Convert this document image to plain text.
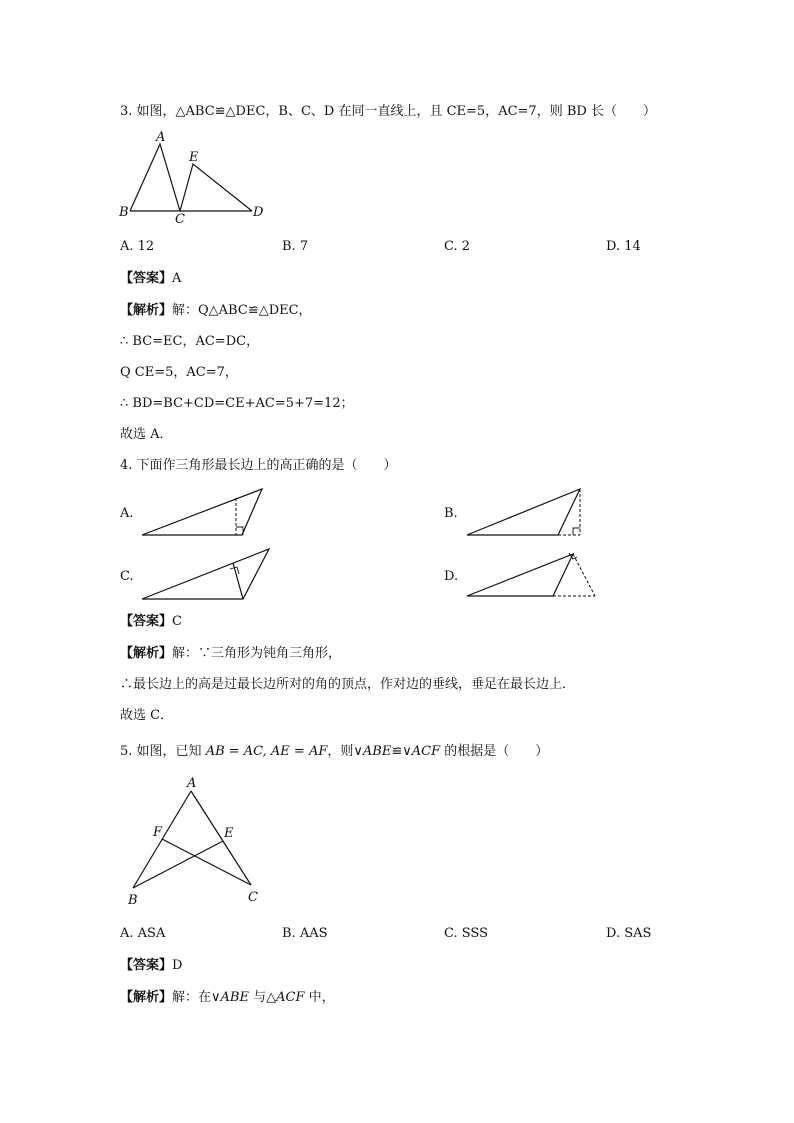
3. 如图，△ABC≌△DEC，B、C、D 在同一直线上，且 CE=5，AC=7，则 BD 长（　　）
A
B	C	D
E
A. 12	B. 7	C. 2	D. 14
【答案】A
【解析】解：Q△ABC≌△DEC，
∴ BC=EC，AC=DC，
Q CE=5，AC=7，
∴ BD=BC+CD=CE+AC=5+7=12；
故选 A．
4. 下面作三角形最长边上的高正确的是（　　）
A.	B.
C.	D.
【答案】C
【解析】解：∵三角形为钝角三角形，
∴最长边上的高是过最长边所对的角的顶点，作对边的垂线，垂足在最长边上．
故选 C．
5. 如图，已知 AB = AC, AE = AF，则∨ABE≌∨ACF 的根据是（　　）
A
F	E
B	C
A. ASA	B. AAS	C. SSS	D. SAS
【答案】D
【解析】解：在∨ABE 与△ACF 中，
